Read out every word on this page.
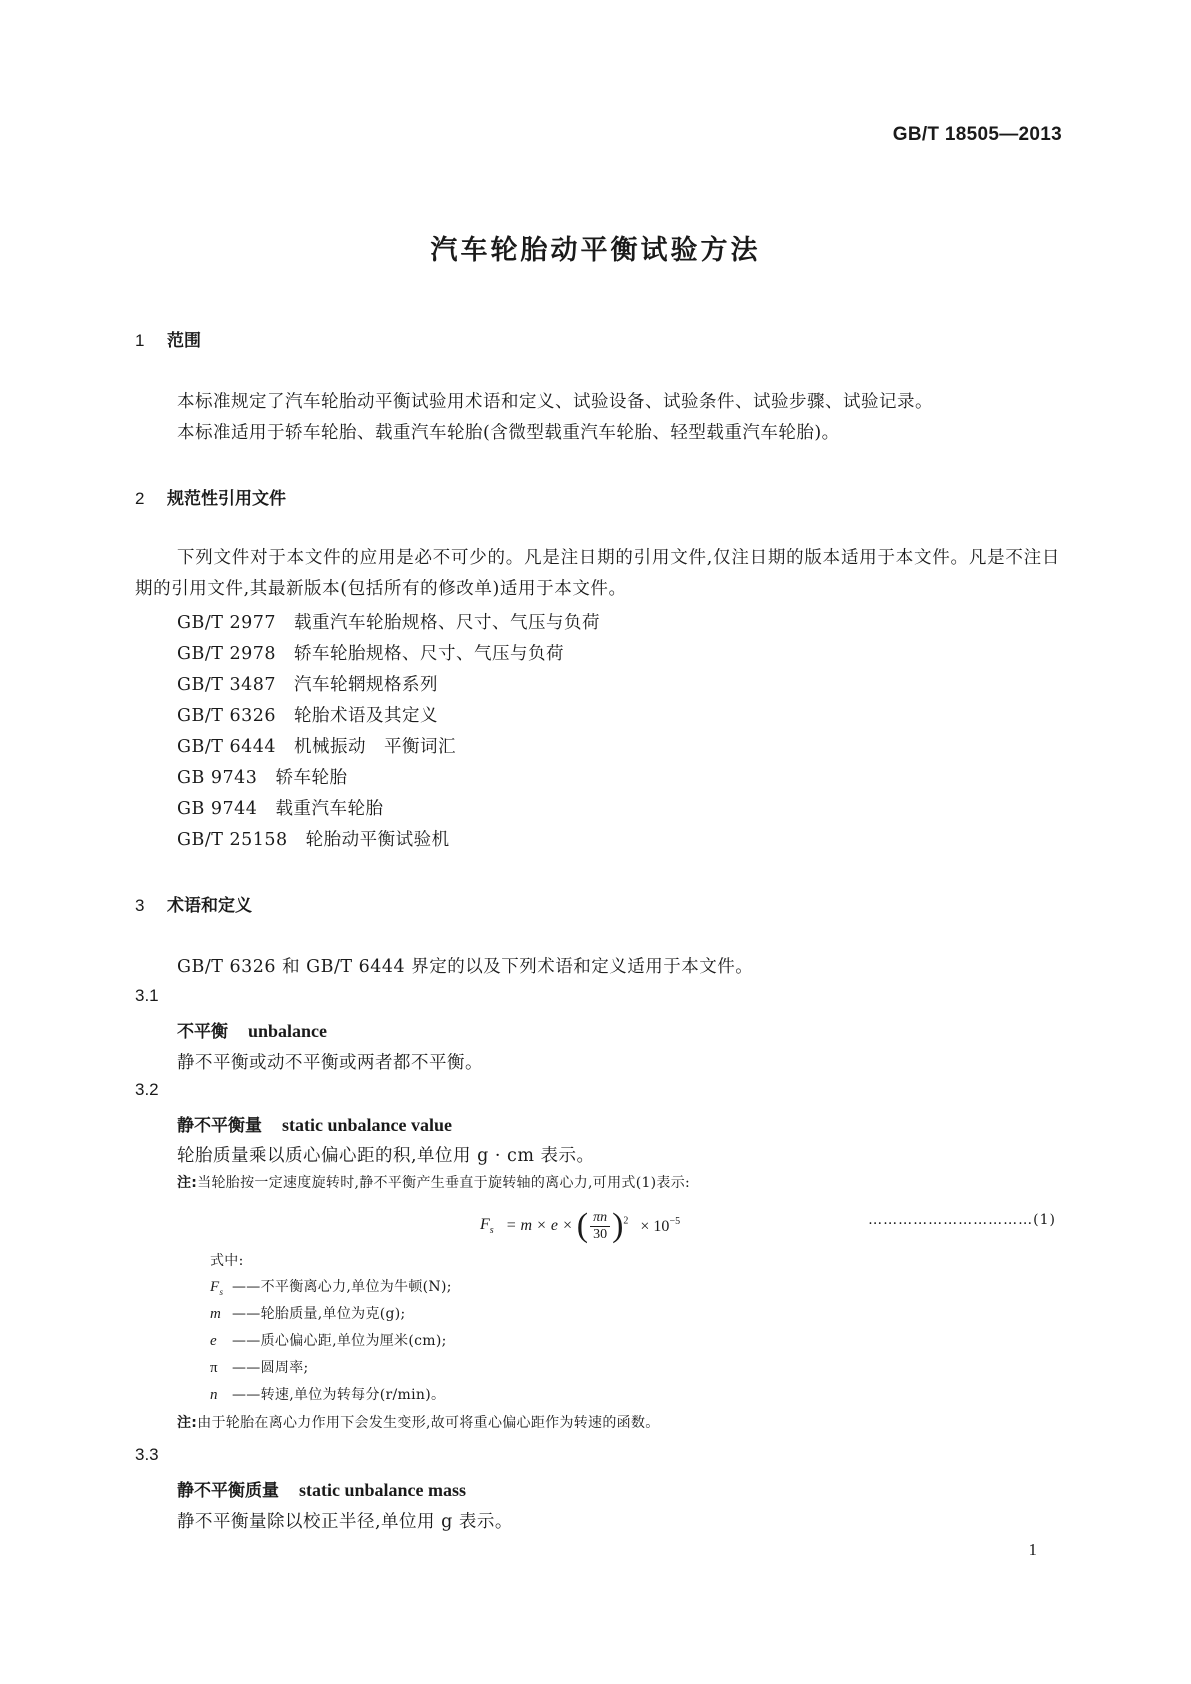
GB/T 18505—2013
汽车轮胎动平衡试验方法
1 范围
本标准规定了汽车轮胎动平衡试验用术语和定义、试验设备、试验条件、试验步骤、试验记录。
本标准适用于轿车轮胎、载重汽车轮胎(含微型载重汽车轮胎、轻型载重汽车轮胎)。
2 规范性引用文件
下列文件对于本文件的应用是必不可少的。凡是注日期的引用文件,仅注日期的版本适用于本文件。凡是不注日期的引用文件,其最新版本(包括所有的修改单)适用于本文件。
GB/T 2977　 载重汽车轮胎规格、尺寸、气压与负荷
GB/T 2978　 轿车轮胎规格、尺寸、气压与负荷
GB/T 3487　 汽车轮辋规格系列
GB/T 6326　 轮胎术语及其定义
GB/T 6444　 机械振动　平衡词汇
GB 9743　 轿车轮胎
GB 9744　 载重汽车轮胎
GB/T 25158　 轮胎动平衡试验机
3 术语和定义
GB/T 6326 和 GB/T 6444 界定的以及下列术语和定义适用于本文件。
3.1
不平衡 unbalance
静不平衡或动不平衡或两者都不平衡。
3.2
静不平衡量 static unbalance value
轮胎质量乘以质心偏心距的积,单位用 g · cm 表示。
注:当轮胎按一定速度旋转时,静不平衡产生垂直于旋转轴的离心力,可用式(1)表示:
$F_s = m \times e$ × ( $\frac{\pi n}{30} )^2 \times 10^{-5}$	……………………………(1)
式中:
$F_s$ ——不平衡离心力,单位为牛顿(N);
m ——轮胎质量,单位为克(g);
e ——质心偏心距,单位为厘米(cm);
π ——圆周率;
n ——转速,单位为转每分(r/min)。
注:由于轮胎在离心力作用下会发生变形,故可将重心偏心距作为转速的函数。
3.3
静不平衡质量 static unbalance mass
静不平衡量除以校正半径,单位用 g 表示。
1
